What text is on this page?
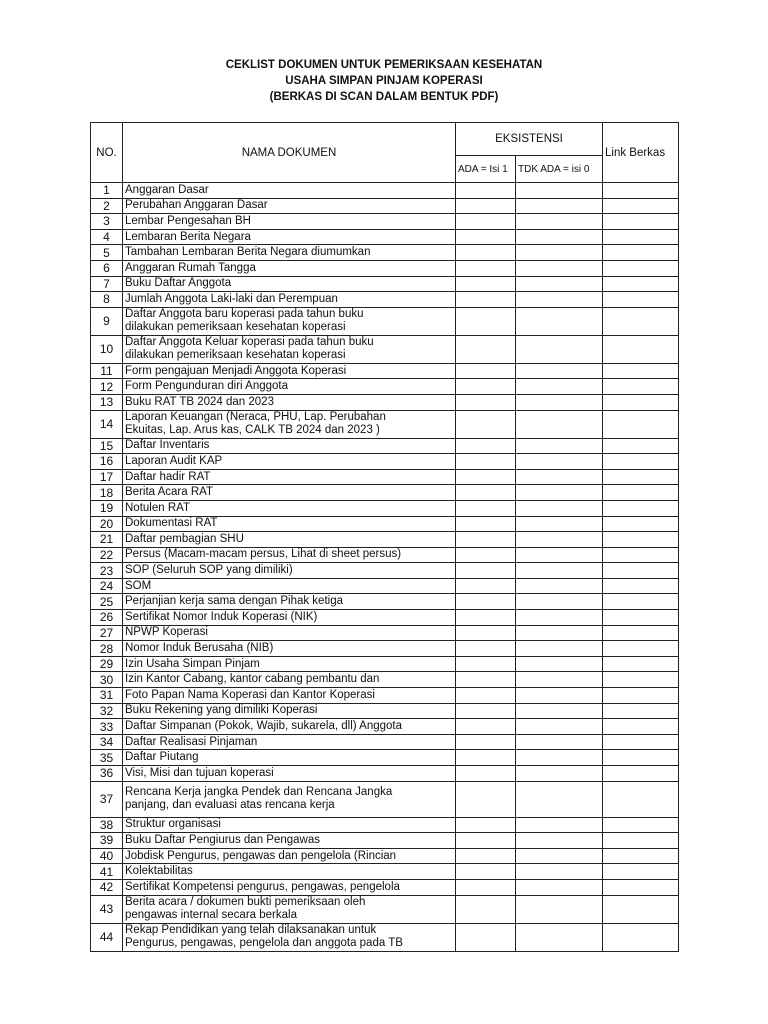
CEKLIST DOKUMEN UNTUK PEMERIKSAAN KESEHATAN
USAHA SIMPAN PINJAM KOPERASI
(BERKAS DI SCAN DALAM BENTUK PDF)
NO.	NAMA DOKUMEN	EKSISTENSI		Link Berkas
		ADA = Isi 1	TDK ADA = isi 0	
1	Anggaran Dasar			

2	Perubahan Anggaran Dasar			

3	Lembar Pengesahan BH			

4	Lembaran Berita Negara			

5	Tambahan Lembaran Berita Negara diumumkan			

6	Anggaran Rumah Tangga			

7	Buku Daftar Anggota			

8	Jumlah Anggota Laki-laki dan Perempuan			

9	Daftar Anggota baru koperasi pada tahun buku
dilakukan pemeriksaan kesehatan koperasi			

10	Daftar Anggota Keluar koperasi pada tahun buku
dilakukan pemeriksaan kesehatan koperasi			

11	Form pengajuan Menjadi Anggota Koperasi			

12	Form Pengunduran diri Anggota			

13	Buku RAT TB 2024 dan 2023			

14	Laporan Keuangan (Neraca, PHU, Lap. Perubahan
Ekuitas, Lap. Arus kas, CALK TB 2024 dan 2023 )			

15	Daftar Inventaris			

16	Laporan Audit KAP			

17	Daftar hadir RAT			

18	Berita Acara RAT			

19	Notulen RAT			

20	Dokumentasi RAT			

21	Daftar pembagian SHU			

22	Persus (Macam-macam persus, Lihat di sheet persus)			

23	SOP (Seluruh SOP yang dimiliki)			

24	SOM			

25	Perjanjian kerja sama dengan Pihak ketiga			

26	Sertifikat Nomor Induk Koperasi (NIK)			

27	NPWP Koperasi			

28	Nomor Induk Berusaha (NIB)			

29	Izin Usaha Simpan Pinjam			

30	Izin Kantor Cabang, kantor cabang pembantu dan			

31	Foto Papan Nama Koperasi dan Kantor Koperasi			

32	Buku Rekening yang dimiliki Koperasi			

33	Daftar Simpanan (Pokok, Wajib, sukarela, dll) Anggota			

34	Daftar Realisasi Pinjaman			

35	Daftar Piutang			

36	Visi, Misi dan tujuan koperasi			

37	Rencana Kerja jangka Pendek dan Rencana Jangka
panjang, dan evaluasi atas rencana kerja			

38	Struktur organisasi			

39	Buku Daftar Pengiurus dan Pengawas			

40	Jobdisk Pengurus, pengawas dan pengelola (Rincian			

41	Kolektabilitas			

42	Sertifikat Kompetensi pengurus, pengawas, pengelola			

43	Berita acara / dokumen bukti pemeriksaan oleh
pengawas internal secara berkala			

44	Rekap Pendidikan yang telah dilaksanakan untuk
Pengurus, pengawas, pengelola dan anggota pada TB			
